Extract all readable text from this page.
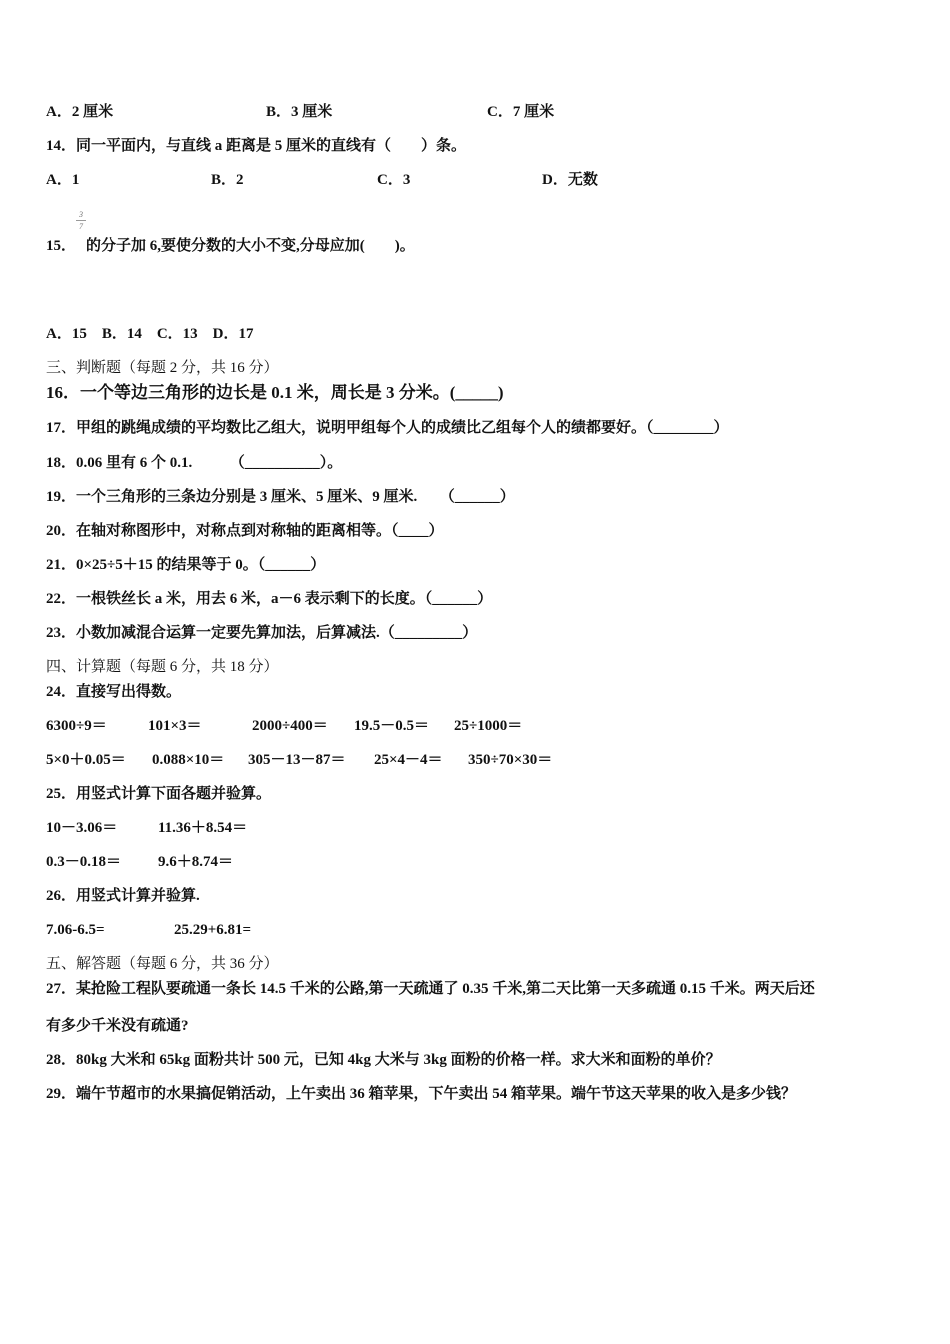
A．2 厘米	B．3 厘米	C．7 厘米
14．同一平面内，与直线 a 距离是 5 厘米的直线有（　　）条。
A．1	B．2	C．3	D．无数
15．
3
7
的分子加 6,要使分数的大小不变,分母应加(　　)。
A．15　B．14　C．13　D．17
三、判断题（每题 2 分，共 16 分）
16．一个等边三角形的边长是 0.1 米，周长是 3 分米。(_____)
17．甲组的跳绳成绩的平均数比乙组大，说明甲组每个人的成绩比乙组每个人的绩都要好。（________）
18．0.06 里有 6 个 0.1.　　　（__________）。
19．一个三角形的三条边分别是 3 厘米、5 厘米、9 厘米.　　（______）
20．在轴对称图形中，对称点到对称轴的距离相等。（____）
21．0×25÷5＋15 的结果等于 0。（______）
22．一根铁丝长 a 米，用去 6 米，a－6 表示剩下的长度。（______）
23．小数加减混合运算一定要先算加法，后算减法.（_________）
四、计算题（每题 6 分，共 18 分）
24．直接写出得数。
6300÷9＝	101×3＝	2000÷400＝ 19.5－0.5＝ 25÷1000＝
5×0＋0.05＝ 0.088×10＝ 305－13－87＝ 25×4－4＝ 350÷70×30＝
25．用竖式计算下面各题并验算。
10－3.06＝	11.36＋8.54＝
0.3－0.18＝ 9.6＋8.74＝
26．用竖式计算并验算.
7.06-6.5=	25.29+6.81=
五、解答题（每题 6 分，共 36 分）
27．某抢险工程队要疏通一条长 14.5 千米的公路,第一天疏通了 0.35 千米,第二天比第一天多疏通 0.15 千米。两天后还
有多少千米没有疏通?
28．80kg 大米和 65kg 面粉共计 500 元，已知 4kg 大米与 3kg 面粉的价格一样。求大米和面粉的单价？
29．端午节超市的水果搞促销活动，上午卖出 36 箱苹果，下午卖出 54 箱苹果。端午节这天苹果的收入是多少钱？
